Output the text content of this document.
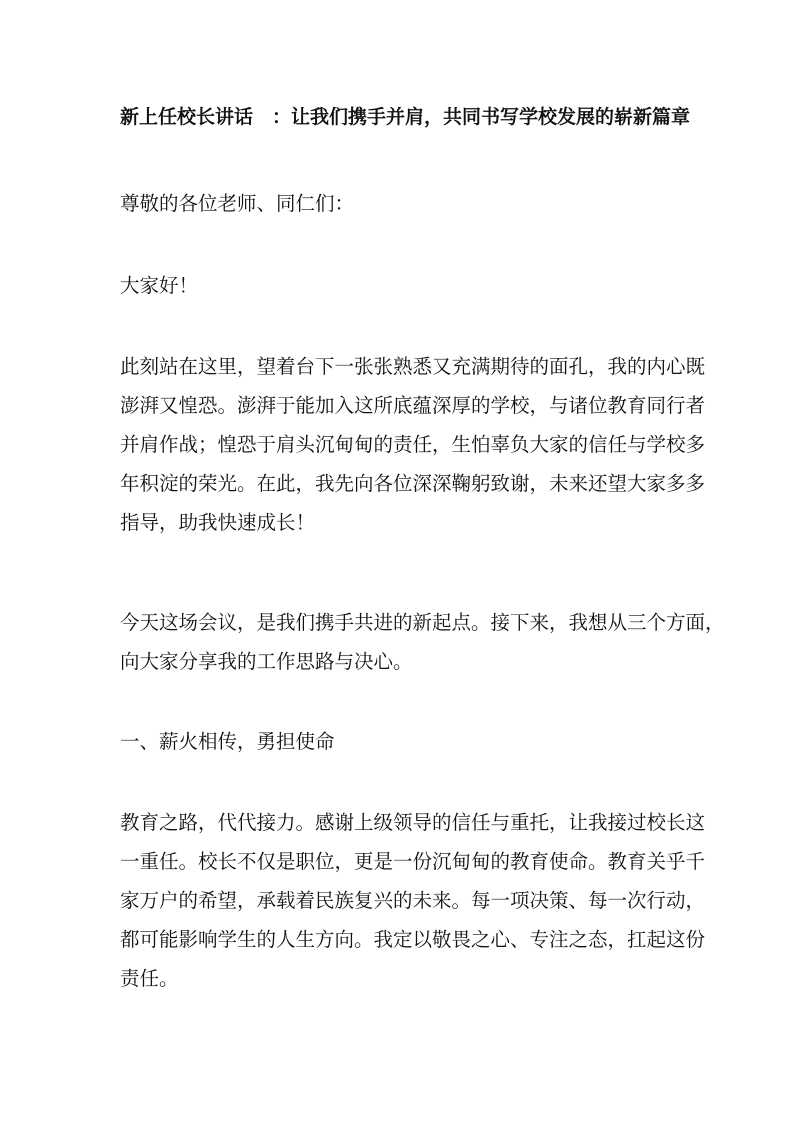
新上任校长讲话　：让我们携手并肩，共同书写学校发展的崭新篇章
尊敬的各位老师、同仁们：
大家好！
此刻站在这里，望着台下一张张熟悉又充满期待的面孔，我的内心既
澎湃又惶恐。澎湃于能加入这所底蕴深厚的学校，与诸位教育同行者
并肩作战；惶恐于肩头沉甸甸的责任，生怕辜负大家的信任与学校多
年积淀的荣光。在此，我先向各位深深鞠躬致谢，未来还望大家多多
指导，助我快速成长！
今天这场会议，是我们携手共进的新起点。接下来，我想从三个方面，
向大家分享我的工作思路与决心。
一、薪火相传，勇担使命
教育之路，代代接力。感谢上级领导的信任与重托，让我接过校长这
一重任。校长不仅是职位，更是一份沉甸甸的教育使命。教育关乎千
家万户的希望，承载着民族复兴的未来。每一项决策、每一次行动，
都可能影响学生的人生方向。我定以敬畏之心、专注之态，扛起这份
责任。
